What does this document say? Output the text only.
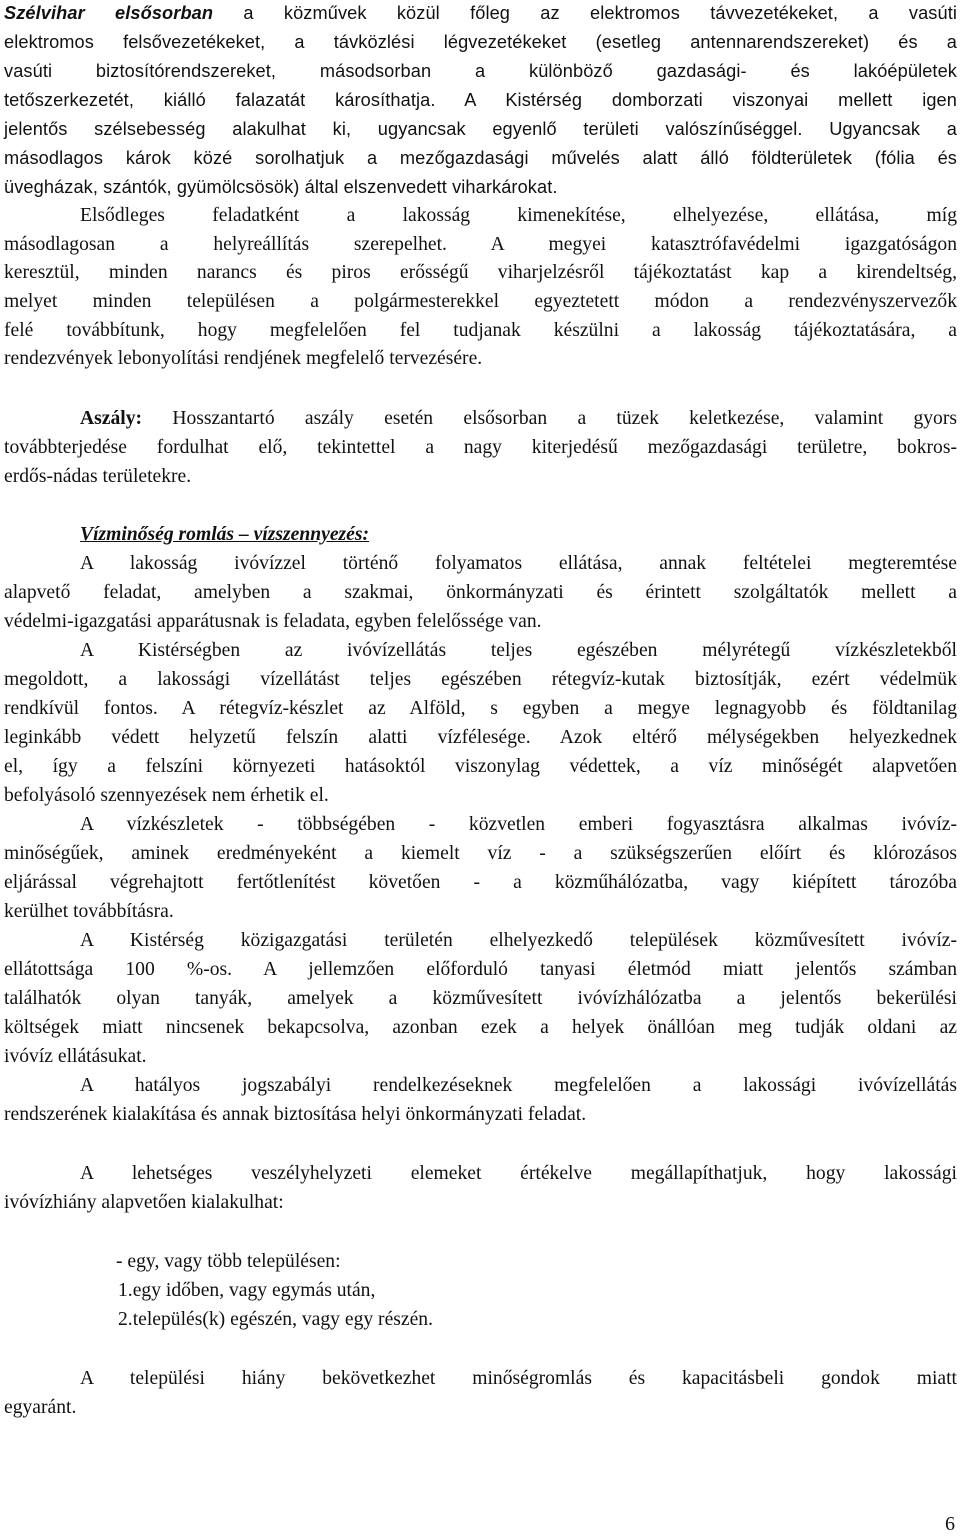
Szélvihar elsősorban a közművek közül főleg az elektromos távvezetékeket, a vasúti
elektromos felsővezetékeket, a távközlési légvezetékeket (esetleg antennarendszereket) és a
vasúti biztosítórendszereket, másodsorban a különböző gazdasági- és lakóépületek
tetőszerkezetét, kiálló falazatát károsíthatja. A Kistérség domborzati viszonyai mellett igen
jelentős szélsebesség alakulhat ki, ugyancsak egyenlő területi valószínűséggel. Ugyancsak a
másodlagos károk közé sorolhatjuk a mezőgazdasági művelés alatt álló földterületek (fólia és
üvegházak, szántók, gyümölcsösök) által elszenvedett viharkárokat.
Elsődleges feladatként a lakosság kimenekítése, elhelyezése, ellátása, míg
másodlagosan a helyreállítás szerepelhet. A megyei katasztrófavédelmi igazgatóságon
keresztül, minden narancs és piros erősségű viharjelzésről tájékoztatást kap a kirendeltség,
melyet minden településen a polgármesterekkel egyeztetett módon a rendezvényszervezők
felé továbbítunk, hogy megfelelően fel tudjanak készülni a lakosság tájékoztatására, a
rendezvények lebonyolítási rendjének megfelelő tervezésére.
Aszály: Hosszantartó aszály esetén elsősorban a tüzek keletkezése, valamint gyors
továbbterjedése fordulhat elő, tekintettel a nagy kiterjedésű mezőgazdasági területre, bokros-
erdős-nádas területekre.
Vízminőség romlás – vízszennyezés:
A lakosság ivóvízzel történő folyamatos ellátása, annak feltételei megteremtése
alapvető feladat, amelyben a szakmai, önkormányzati és érintett szolgáltatók mellett a
védelmi-igazgatási apparátusnak is feladata, egyben felelőssége van.
A Kistérségben az ivóvízellátás teljes egészében mélyrétegű vízkészletekből
megoldott, a lakossági vízellátást teljes egészében rétegvíz-kutak biztosítják, ezért védelmük
rendkívül fontos. A rétegvíz-készlet az Alföld, s egyben a megye legnagyobb és földtanilag
leginkább védett helyzetű felszín alatti vízfélesége. Azok eltérő mélységekben helyezkednek
el, így a felszíni környezeti hatásoktól viszonylag védettek, a víz minőségét alapvetően
befolyásoló szennyezések nem érhetik el.
A vízkészletek - többségében - közvetlen emberi fogyasztásra alkalmas ivóvíz-
minőségűek, aminek eredményeként a kiemelt víz - a szükségszerűen előírt és klórozásos
eljárással végrehajtott fertőtlenítést követően - a közműhálózatba, vagy kiépített tározóba
kerülhet továbbításra.
A Kistérség közigazgatási területén elhelyezkedő települések közművesített ivóvíz-
ellátottsága 100 %-os. A jellemzően előforduló tanyasi életmód miatt jelentős számban
találhatók olyan tanyák, amelyek a közművesített ivóvízhálózatba a jelentős bekerülési
költségek miatt nincsenek bekapcsolva, azonban ezek a helyek önállóan meg tudják oldani az
ivóvíz ellátásukat.
A hatályos jogszabályi rendelkezéseknek megfelelően a lakossági ivóvízellátás
rendszerének kialakítása és annak biztosítása helyi önkormányzati feladat.
A lehetséges veszélyhelyzeti elemeket értékelve megállapíthatjuk, hogy lakossági
ivóvízhiány alapvetően kialakulhat:
- egy, vagy több településen:
1.egy időben, vagy egymás után,
2.település(k) egészén, vagy egy részén.
A települési hiány bekövetkezhet minőségromlás és kapacitásbeli gondok miatt
egyaránt.
6
